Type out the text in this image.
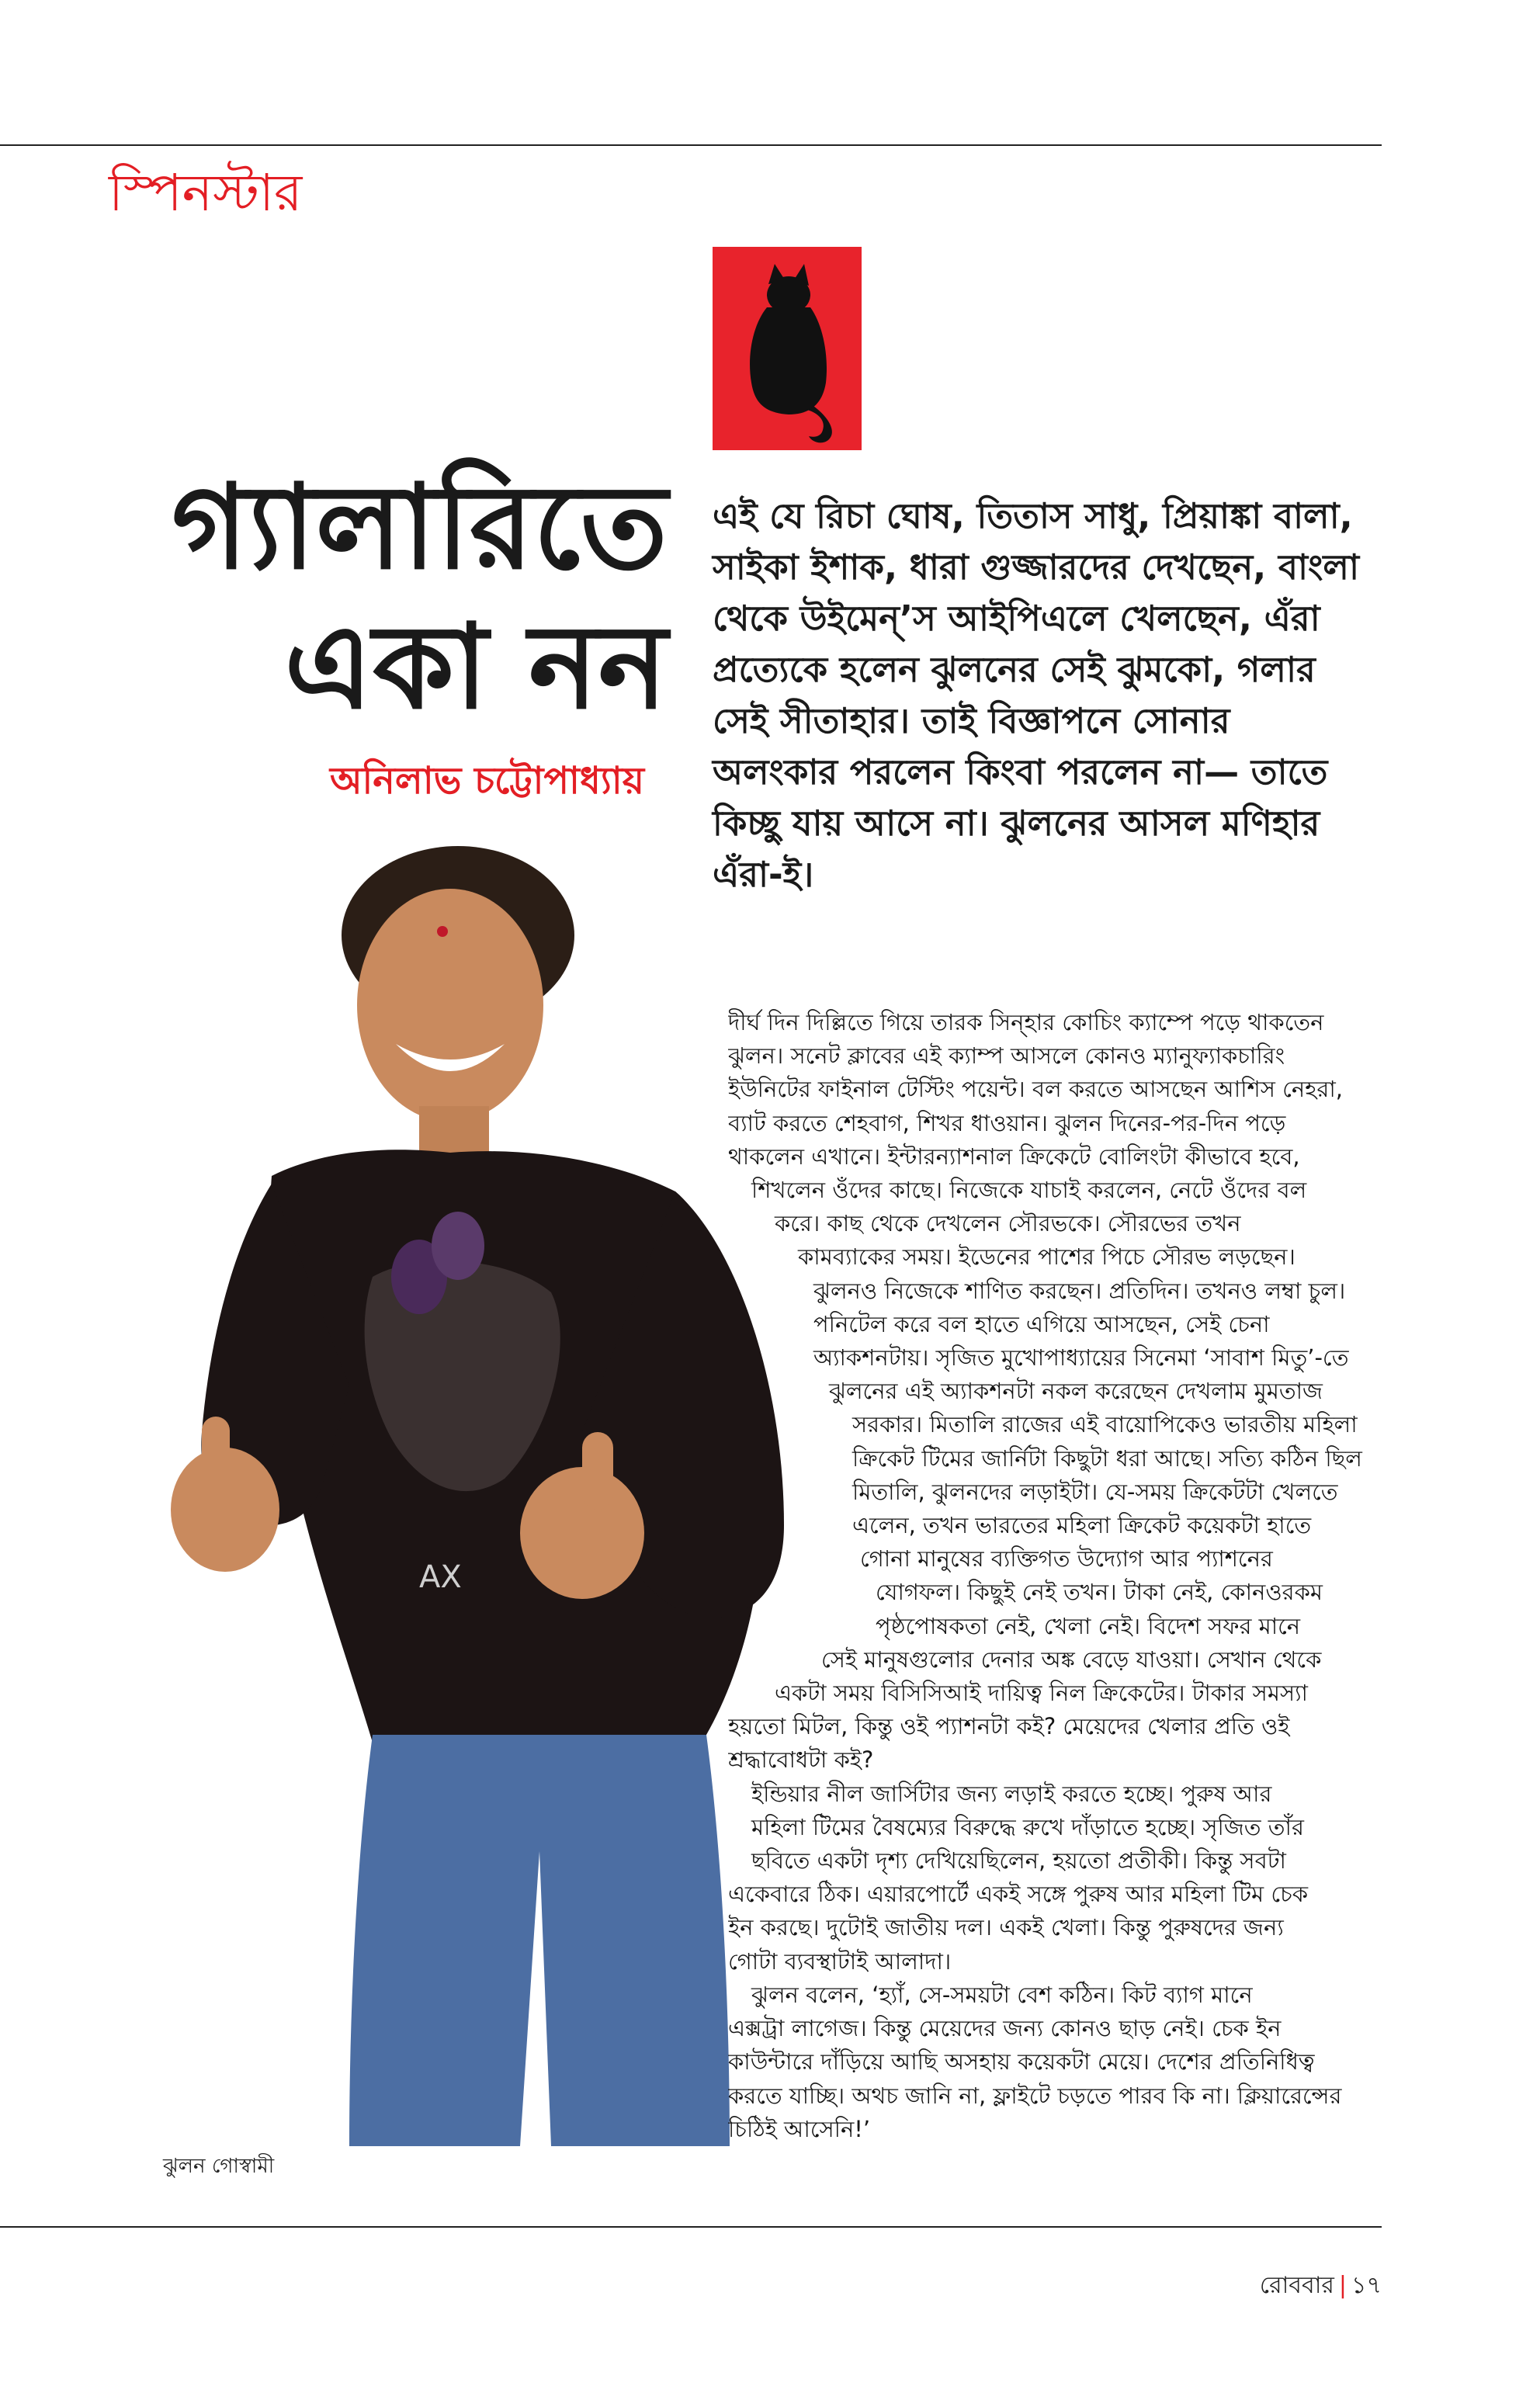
স্পিনস্টার
গ্যালারিতে
একা নন
অনিলাভ চট্টোপাধ্যায়

এই যে রিচা ঘোষ, তিতাস সাধু, প্রিয়াঙ্কা বালা, সাইকা ইশাক, ধারা গুজ্জারদের দেখছেন, বাংলা থেকে উইমেন্’স আইপিএলে খেলছেন, এঁরা প্রত্যেকে হলেন ঝুলনের সেই ঝুমকো, গলার সেই সীতাহার। তাই বিজ্ঞাপনে সোনার অলংকার পরলেন কিংবা পরলেন না— তাতে কিচ্ছু যায় আসে না। ঝুলনের আসল মণিহার এঁরা-ই।

AX
দীর্ঘ দিন দিল্লিতে গিয়ে তারক সিন্‌হার কোচিং ক্যাম্পে পড়ে থাকতেন
ঝুলন। সনেট ক্লাবের এই ক্যাম্প আসলে কোনও ম্যানুফ্যাকচারিং
ইউনিটের ফাইনাল টেস্টিং পয়েন্ট। বল করতে আসছেন আশিস নেহরা,
ব্যাট করতে শেহবাগ, শিখর ধাওয়ান। ঝুলন দিনের-পর-দিন পড়ে
থাকলেন এখানে। ইন্টারন্যাশনাল ক্রিকেটে বোলিংটা কীভাবে হবে,
শিখলেন ওঁদের কাছে। নিজেকে যাচাই করলেন, নেটে ওঁদের বল
করে। কাছ থেকে দেখলেন সৌরভকে। সৌরভের তখন
কামব্যাকের সময়। ইডেনের পাশের পিচে সৌরভ লড়ছেন।
ঝুলনও নিজেকে শাণিত করছেন। প্রতিদিন। তখনও লম্বা চুল।
পনিটেল করে বল হাতে এগিয়ে আসছেন, সেই চেনা
অ্যাকশনটায়। সৃজিত মুখোপাধ্যায়ের সিনেমা ‘সাবাশ মিতু’-তে
ঝুলনের এই অ্যাকশনটা নকল করেছেন দেখলাম মুমতাজ
সরকার। মিতালি রাজের এই বায়োপিকেও ভারতীয় মহিলা
ক্রিকেট টিমের জার্নিটা কিছুটা ধরা আছে। সত্যি কঠিন ছিল
মিতালি, ঝুলনদের লড়াইটা। যে-সময় ক্রিকেটটা খেলতে
এলেন, তখন ভারতের মহিলা ক্রিকেট কয়েকটা হাতে
গোনা মানুষের ব্যক্তিগত উদ্যোগ আর প্যাশনের
যোগফল। কিছুই নেই তখন। টাকা নেই, কোনওরকম
পৃষ্ঠপোষকতা নেই, খেলা নেই। বিদেশ সফর মানে
সেই মানুষগুলোর দেনার অঙ্ক বেড়ে যাওয়া। সেখান থেকে
একটা সময় বিসিসিআই দায়িত্ব নিল ক্রিকেটের। টাকার সমস্যা
হয়তো মিটল, কিন্তু ওই প্যাশনটা কই? মেয়েদের খেলার প্রতি ওই
শ্রদ্ধাবোধটা কই?
ইন্ডিয়ার নীল জার্সিটার জন্য লড়াই করতে হচ্ছে। পুরুষ আর
মহিলা টিমের বৈষম্যের বিরুদ্ধে রুখে দাঁড়াতে হচ্ছে। সৃজিত তাঁর
ছবিতে একটা দৃশ্য দেখিয়েছিলেন, হয়তো প্রতীকী। কিন্তু সবটা
একেবারে ঠিক। এয়ারপোর্টে একই সঙ্গে পুরুষ আর মহিলা টিম চেক
ইন করছে। দুটোই জাতীয় দল। একই খেলা। কিন্তু পুরুষদের জন্য
গোটা ব্যবস্থাটাই আলাদা।
ঝুলন বলেন, ‘হ্যাঁ, সে-সময়টা বেশ কঠিন। কিট ব্যাগ মানে
এক্সট্রা লাগেজ। কিন্তু মেয়েদের জন্য কোনও ছাড় নেই। চেক ইন
কাউন্টারে দাঁড়িয়ে আছি অসহায় কয়েকটা মেয়ে। দেশের প্রতিনিধিত্ব
করতে যাচ্ছি। অথচ জানি না, ফ্লাইটে চড়তে পারব কি না। ক্লিয়ারেন্সের
চিঠিই আসেনি!’
ঝুলন গোস্বামী
রোববার | ১৭
